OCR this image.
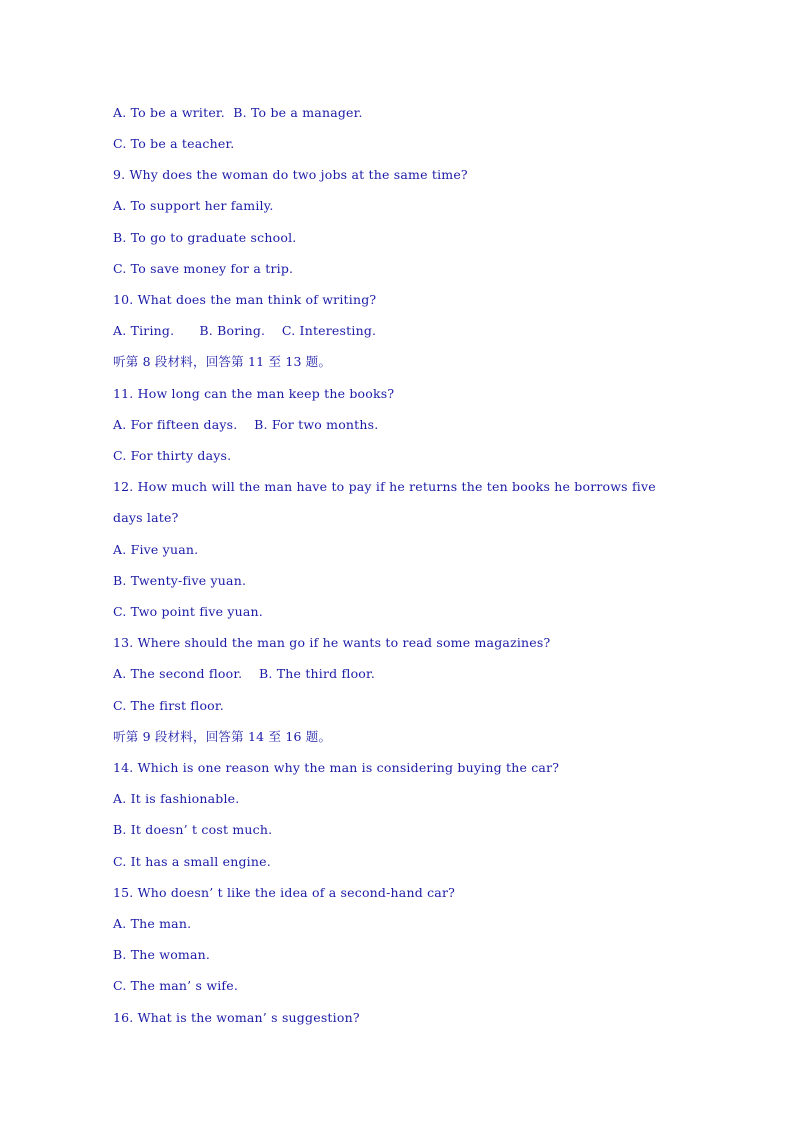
A. To be a writer.  B. To be a manager.
C. To be a teacher.
9. Why does the woman do two jobs at the same time?
A. To support her family.
B. To go to graduate school.
C. To save money for a trip.
10. What does the man think of writing?
A. Tiring.      B. Boring.    C. Interesting.
听第 8 段材料，回答第 11 至 13 题。
11. How long can the man keep the books?
A. For fifteen days.    B. For two months.
C. For thirty days.
12. How much will the man have to pay if he returns the ten books he borrows five
days late?
A. Five yuan.
B. Twenty-five yuan.
C. Two point five yuan.
13. Where should the man go if he wants to read some magazines?
A. The second floor.    B. The third floor.
C. The first floor.
听第 9 段材料，回答第 14 至 16 题。
14. Which is one reason why the man is considering buying the car?
A. It is fashionable.
B. It doesn’ t cost much.
C. It has a small engine.
15. Who doesn’ t like the idea of a second-hand car?
A. The man.
B. The woman.
C. The man’ s wife.
16. What is the woman’ s suggestion?
